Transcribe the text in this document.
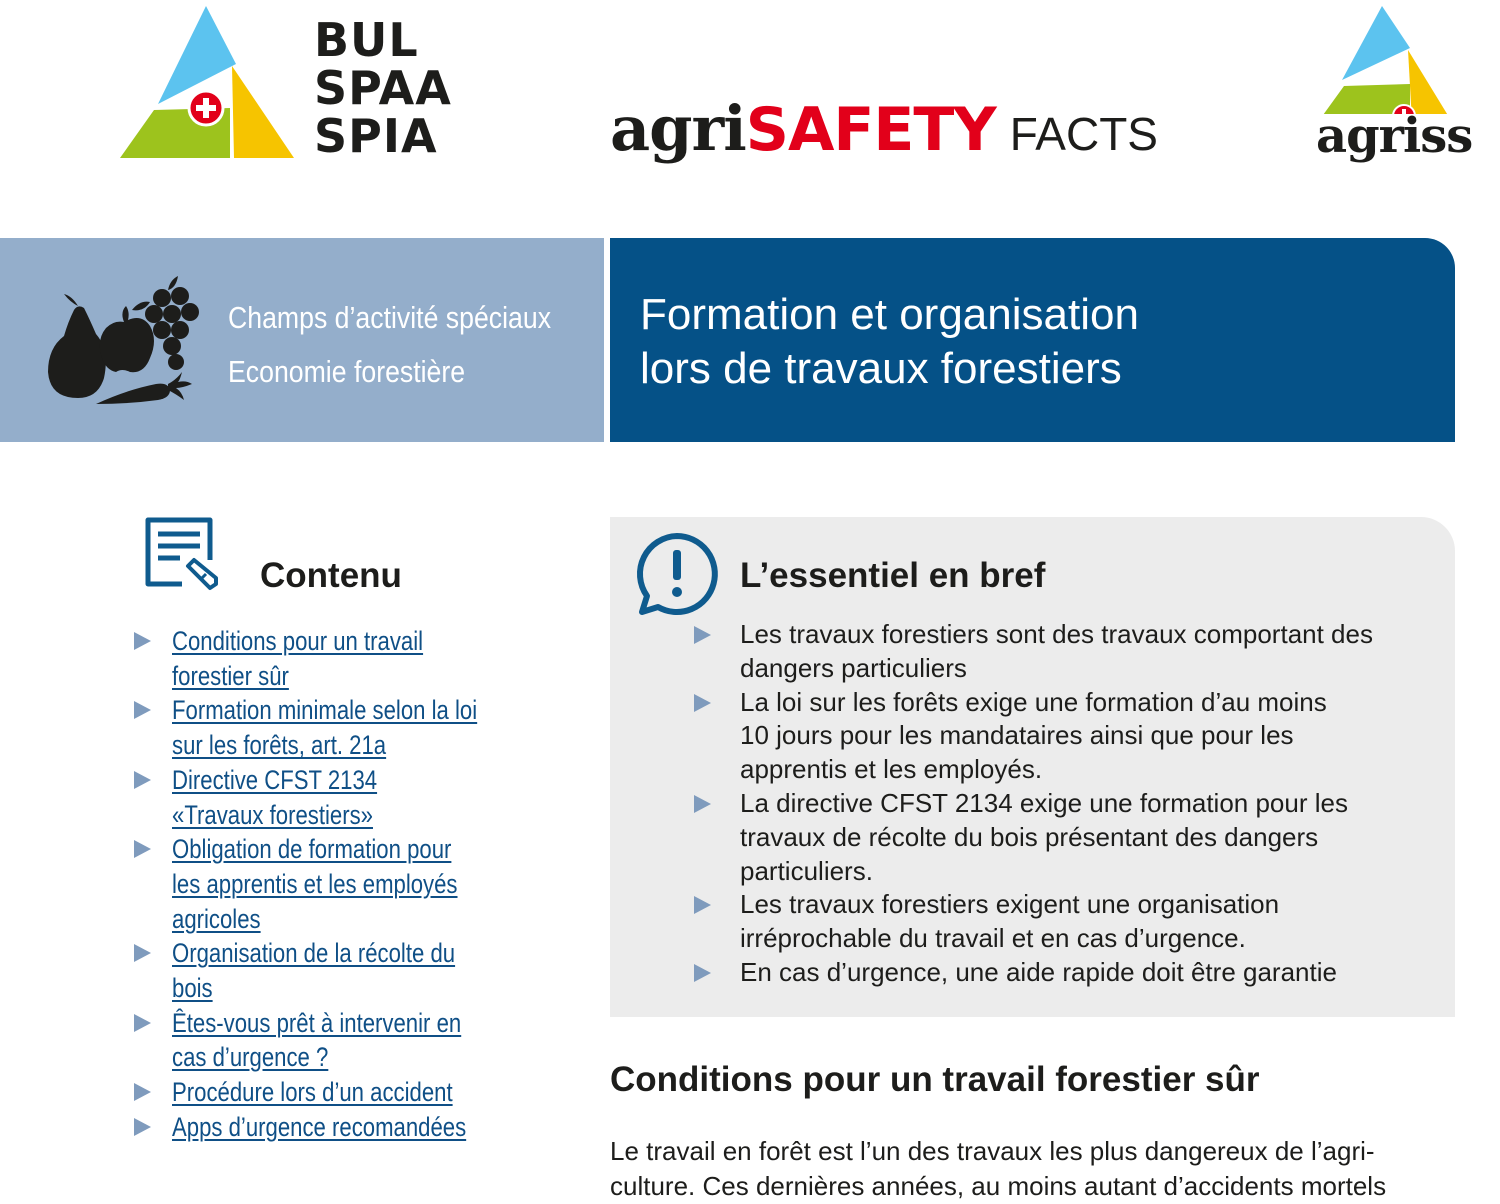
BUL
SPAA
SPIA	agriSAFETY FACTS	agriss
Champs d’activité spéciaux
Economie forestière
Formation et organisation
lors de travaux forestiers
Contenu
Conditions pour un travail
forestier sûr
Formation minimale selon la loi
sur les forêts, art. 21a
Directive CFST 2134
«Travaux forestiers»
Obligation de formation pour
les apprentis et les employés
agricoles
Organisation de la récolte du
bois
Êtes-vous prêt à intervenir en
cas d’urgence ?
Procédure lors d’un accident
Apps d’urgence recomandées
L’essentiel en bref
Les travaux forestiers sont des travaux comportant des
dangers particuliers
La loi sur les forêts exige une formation d’au moins
10 jours pour les mandataires ainsi que pour les
apprentis et les employés.
La directive CFST 2134 exige une formation pour les
travaux de récolte du bois présentant des dangers
particuliers.
Les travaux forestiers exigent une organisation
irréprochable du travail et en cas d’urgence.
En cas d’urgence, une aide rapide doit être garantie
Conditions pour un travail forestier sûr
Le travail en forêt est l’un des travaux les plus dangereux de l’agri-
culture. Ces dernières années, au moins autant d’accidents mortels
